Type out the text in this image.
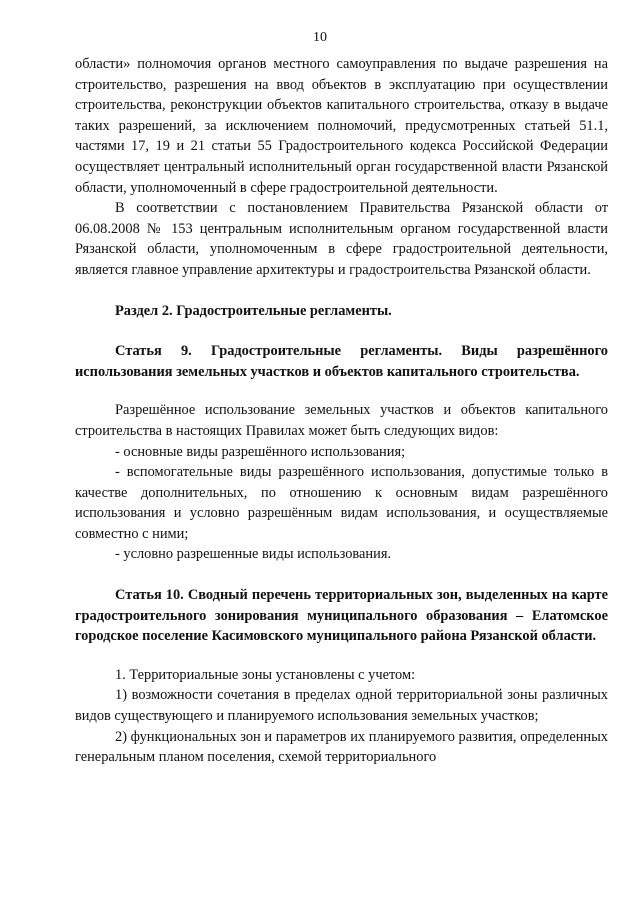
10

области» полномочия органов местного самоуправления по выдаче разрешения на строительство, разрешения на ввод объектов в эксплуатацию при осуществлении строительства, реконструкции объектов капитального строительства, отказу в выдаче таких разрешений, за исключением полномочий, предусмотренных статьей 51.1, частями 17, 19 и 21 статьи 55 Градостроительного кодекса Российской Федерации осуществляет центральный исполнительный орган государственной власти Рязанской области, уполномоченный в сфере градостроительной деятельности.

В соответствии с постановлением Правительства Рязанской области от 06.08.2008 № 153 центральным исполнительным органом государственной власти Рязанской области, уполномоченным в сфере градостроительной деятельности, является главное управление архитектуры и градостроительства Рязанской области.

Раздел 2. Градостроительные регламенты.

Статья 9. Градостроительные регламенты. Виды разрешённого использования земельных участков и объектов капитального строительства.

Разрешённое использование земельных участков и объектов капитального строительства в настоящих Правилах может быть следующих видов:

- основные виды разрешённого использования;

- вспомогательные виды разрешённого использования, допустимые только в качестве дополнительных, по отношению к основным видам разрешённого использования и условно разрешённым видам использования, и осуществляемые совместно с ними;

- условно разрешенные виды использования.

Статья 10. Сводный перечень территориальных зон, выделенных на карте градостроительного зонирования муниципального образования – Елатомское городское поселение Касимовского муниципального района Рязанской области.

1. Территориальные зоны установлены с учетом:

1) возможности сочетания в пределах одной территориальной зоны различных видов существующего и планируемого использования земельных участков;

2) функциональных зон и параметров их планируемого развития, определенных генеральным планом поселения, схемой территориального
